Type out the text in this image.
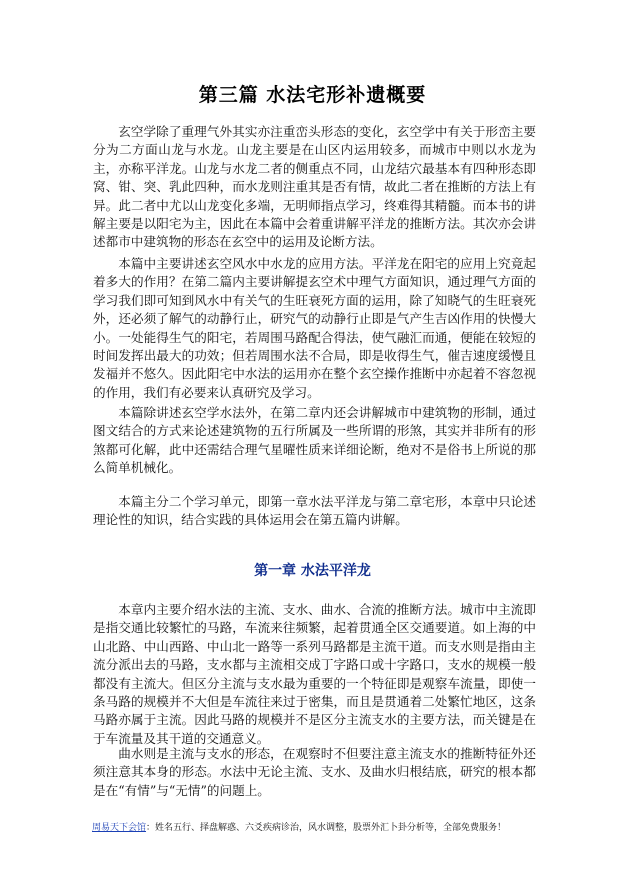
第三篇 水法宅形补遗概要

玄空学除了重理气外其实亦注重峦头形态的变化，玄空学中有关于形峦主要分为二方面山龙与水龙。山龙主要是在山区内运用较多，而城市中则以水龙为主，亦称平洋龙。山龙与水龙二者的侧重点不同，山龙结穴最基本有四种形态即窝、钳、突、乳此四种，而水龙则注重其是否有情，故此二者在推断的方法上有异。此二者中尤以山龙变化多端，无明师指点学习，终难得其精髓。而本书的讲解主要是以阳宅为主，因此在本篇中会着重讲解平洋龙的推断方法。其次亦会讲述都市中建筑物的形态在玄空中的运用及论断方法。

本篇中主要讲述玄空风水中水龙的应用方法。平洋龙在阳宅的应用上究竟起着多大的作用？在第二篇内主要讲解提玄空术中理气方面知识，通过理气方面的学习我们即可知到风水中有关气的生旺衰死方面的运用，除了知晓气的生旺衰死外，还必须了解气的动静行止，研究气的动静行止即是气产生吉凶作用的快慢大小。一处能得生气的阳宅，若周围马路配合得法，使气融汇而通，便能在较短的时间发挥出最大的功效；但若周围水法不合局，即是收得生气，催吉速度缓慢且发福并不悠久。因此阳宅中水法的运用亦在整个玄空操作推断中亦起着不容忽视的作用，我们有必要来认真研究及学习。

本篇除讲述玄空学水法外，在第二章内还会讲解城市中建筑物的形制，通过图文结合的方式来论述建筑物的五行所属及一些所谓的形煞，其实并非所有的形煞都可化解，此中还需结合理气星曜性质来详细论断，绝对不是俗书上所说的那么简单机械化。

本篇主分二个学习单元，即第一章水法平洋龙与第二章宅形，本章中只论述理论性的知识，结合实践的具体运用会在第五篇内讲解。

第一章 水法平洋龙

本章内主要介绍水法的主流、支水、曲水、合流的推断方法。城市中主流即是指交通比较繁忙的马路，车流来往频繁，起着贯通全区交通要道。如上海的中山北路、中山西路、中山北一路等一系列马路都是主流干道。而支水则是指由主流分派出去的马路，支水都与主流相交成丁字路口或十字路口，支水的规模一般都没有主流大。但区分主流与支水最为重要的一个特征即是观察车流量，即使一条马路的规模并不大但是车流往来过于密集，而且是贯通着二处繁忙地区，这条马路亦属于主流。因此马路的规模并不是区分主流支水的主要方法，而关键是在于车流量及其干道的交通意义。

曲水则是主流与支水的形态，在观察时不但要注意主流支水的推断特征外还须注意其本身的形态。水法中无论主流、支水、及曲水归根结底，研究的根本都是在“有情”与“无情”的问题上。

周易天下会馆：姓名五行、择盘解惑、六爻疾病诊治，风水调整，股票外汇卜卦分析等，全部免费服务！
